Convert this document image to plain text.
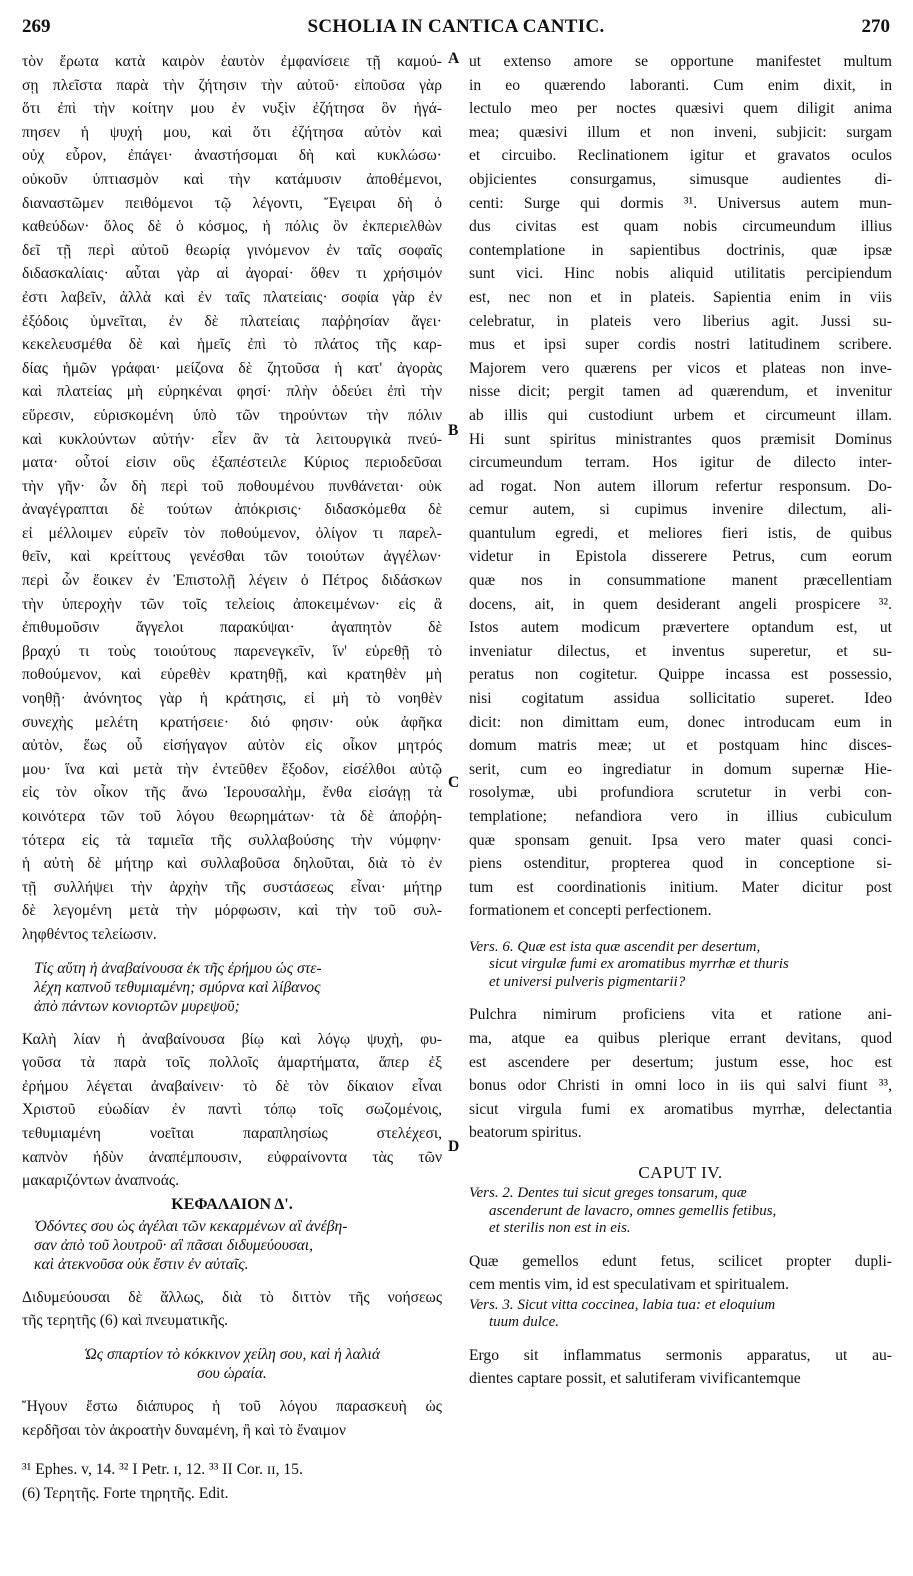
269	SCHOLIA IN CANTICA CANTIC.	270
A
B
C
D
τὸν ἔρωτα κατὰ καιρὸν ἑαυτὸν ἐμφανίσειε τῇ καμού-
σῃ πλεῖστα παρὰ τὴν ζήτησιν τὴν αὐτοῦ· εἰποῦσα γὰρ
ὅτι ἐπὶ τὴν κοίτην μου ἐν νυξὶν ἐζήτησα ὃν ἠγά-
πησεν ἡ ψυχή μου, καὶ ὅτι ἐζήτησα αὐτὸν καὶ
οὐχ εὗρον, ἐπάγει· ἀναστήσομαι δὴ καὶ κυκλώσω·
οὐκοῦν ὑπτιασμὸν καὶ τὴν κατάμυσιν ἀποθέμενοι,
διαναστῶμεν πειθόμενοι τῷ λέγοντι, Ἔγειραι δὴ ὁ
καθεύδων· ὅλος δὲ ὁ κόσμος, ἡ πόλις ὃν ἐκπεριελθὼν
δεῖ τῇ περὶ αὐτοῦ θεωρίᾳ γινόμενον ἐν ταῖς σοφαῖς
διδασκαλίαις· αὗται γὰρ αἱ ἀγοραί· ὅθεν τι χρήσιμόν
ἐστι λαβεῖν, ἀλλὰ καὶ ἐν ταῖς πλατείαις· σοφία γὰρ ἐν
ἐξόδοις ὑμνεῖται, ἐν δὲ πλατείαις παῤῥησίαν ἄγει·
κεκελευσμέθα δὲ καὶ ἡμεῖς ἐπὶ τὸ πλάτος τῆς καρ-
δίας ἡμῶν γράφαι· μείζονα δὲ ζητοῦσα ἡ κατ' ἀγορὰς
καὶ πλατείας μὴ εὑρηκέναι φησί· πλὴν ὁδεύει ἐπὶ τὴν
εὕρεσιν, εὑρισκομένη ὑπὸ τῶν τηρούντων τὴν πόλιν
καὶ κυκλούντων αὐτήν· εἶεν ἂν τὰ λειτουργικὰ πνεύ-
ματα· οὗτοί εἰσιν οὓς ἐξαπέστειλε Κύριος περιοδεῦσαι
τὴν γῆν· ὧν δὴ περὶ τοῦ ποθουμένου πυνθάνεται· οὐκ
ἀναγέγραπται δὲ τούτων ἀπόκρισις· διδασκόμεθα δὲ
εἰ μέλλοιμεν εὑρεῖν τὸν ποθούμενον, ὀλίγον τι παρελ-
θεῖν, καὶ κρείττους γενέσθαι τῶν τοιούτων ἀγγέλων·
περὶ ὧν ἔοικεν ἐν Ἐπιστολῇ λέγειν ὁ Πέτρος διδάσκων
τὴν ὑπεροχὴν τῶν τοῖς τελείοις ἀποκειμένων· εἰς ἃ
ἐπιθυμοῦσιν ἄγγελοι παρακύψαι· ἀγαπητὸν δὲ
βραχύ τι τοὺς τοιούτους παρενεγκεῖν, ἵν' εὑρεθῇ τὸ
ποθούμενον, καὶ εὑρεθὲν κρατηθῇ, καὶ κρατηθὲν μὴ
νοηθῇ· ἀνόνητος γὰρ ἡ κράτησις, εἰ μὴ τὸ νοηθὲν
συνεχὴς μελέτη κρατήσειε· διό φησιν· οὐκ ἀφῆκα
αὐτὸν, ἕως οὗ εἰσήγαγον αὐτὸν εἰς οἶκον μητρός
μου· ἵνα καὶ μετὰ τὴν ἐντεῦθεν ἔξοδον, εἰσέλθοι αὐτῷ
εἰς τὸν οἶκον τῆς ἄνω Ἱερουσαλὴμ, ἔνθα εἰσάγῃ τὰ
κοινότερα τῶν τοῦ λόγου θεωρημάτων· τὰ δὲ ἀποῤῥη-
τότερα εἰς τὰ ταμιεῖα τῆς συλλαβούσης τὴν νύμφην·
ἡ αὐτὴ δὲ μήτηρ καὶ συλλαβοῦσα δηλοῦται, διὰ τὸ ἐν
τῇ συλλήψει τὴν ἀρχὴν τῆς συστάσεως εἶναι· μήτηρ
δὲ λεγομένη μετὰ τὴν μόρφωσιν, καὶ τὴν τοῦ συλ-
ληφθέντος τελείωσιν.
Τίς αὕτη ἡ ἀναβαίνουσα ἐκ τῆς ἐρήμου ὡς στε-
λέχη καπνοῦ τεθυμιαμένη; σμύρνα καὶ λίβανος
ἀπὸ πάντων κονιορτῶν μυρεψοῦ;
Καλὴ λίαν ἡ ἀναβαίνουσα βίῳ καὶ λόγῳ ψυχὴ, φυ-
γοῦσα τὰ παρὰ τοῖς πολλοῖς ἁμαρτήματα, ἅπερ ἐξ
ἐρήμου λέγεται ἀναβαίνειν· τὸ δὲ τὸν δίκαιον εἶναι
Χριστοῦ εὐωδίαν ἐν παντὶ τόπῳ τοῖς σωζομένοις,
τεθυμιαμένη νοεῖται παραπλησίως στελέχεσι,
καπνὸν ἡδὺν ἀναπέμπουσιν, εὐφραίνοντα τὰς τῶν
μακαριζόντων ἀναπνοάς.
ΚΕΦΑΛΑΙΟΝ Δ'.
Ὀδόντες σου ὡς ἀγέλαι τῶν κεκαρμένων αἳ ἀνέβη-
σαν ἀπὸ τοῦ λουτροῦ· αἳ πᾶσαι διδυμεύουσαι,
καὶ ἀτεκνοῦσα οὐκ ἔστιν ἐν αὐταῖς.
Διδυμεύουσαι δὲ ἄλλως, διὰ τὸ διττὸν τῆς νοήσεως
τῆς τερητῆς (6) καὶ πνευματικῆς.
Ὡς σπαρτίον τὸ κόκκινον χείλη σου, καὶ ἡ λαλιά
σου ὡραία.
Ἤγουν ἔστω διάπυρος ἡ τοῦ λόγου παρασκευὴ ὡς
κερδῆσαι τὸν ἀκροατὴν δυναμένη, ἢ καὶ τὸ ἔναιμον
³¹ Ephes. v, 14. ³² I Petr. ɪ, 12. ³³ II Cor. ɪɪ, 15.
(6) Τερητῆς. Forte τηρητῆς. Edit.
ut extenso amore se opportune manifestet multum
in eo quærendo laboranti. Cum enim dixit, in
lectulo meo per noctes quæsivi quem diligit anima
mea; quæsivi illum et non inveni, subjicit: surgam
et circuibo. Reclinationem igitur et gravatos oculos
objicientes consurgamus, simusque audientes di-
centi: Surge qui dormis ³¹. Universus autem mun-
dus civitas est quam nobis circumeundum illius
contemplatione in sapientibus doctrinis, quæ ipsæ
sunt vici. Hinc nobis aliquid utilitatis percipiendum
est, nec non et in plateis. Sapientia enim in viis
celebratur, in plateis vero liberius agit. Jussi su-
mus et ipsi super cordis nostri latitudinem scribere.
Majorem vero quærens per vicos et plateas non inve-
nisse dicit; pergit tamen ad quærendum, et invenitur
ab illis qui custodiunt urbem et circumeunt illam.
Hi sunt spiritus ministrantes quos præmisit Dominus
circumeundum terram. Hos igitur de dilecto inter-
ad rogat. Non autem illorum refertur responsum. Do-
cemur autem, si cupimus invenire dilectum, ali-
quantulum egredi, et meliores fieri istis, de quibus
videtur in Epistola disserere Petrus, cum eorum
quæ nos in consummatione manent præcellentiam
docens, ait, in quem desiderant angeli prospicere ³².
Istos autem modicum prævertere optandum est, ut
inveniatur dilectus, et inventus superetur, et su-
peratus non cogitetur. Quippe incassa est possessio,
nisi cogitatum assidua sollicitatio superet. Ideo
dicit: non dimittam eum, donec introducam eum in
domum matris meæ; ut et postquam hinc disces-
serit, cum eo ingrediatur in domum supernæ Hie-
rosolymæ, ubi profundiora scrutetur in verbi con-
templatione; nefandiora vero in illius cubiculum
quæ sponsam genuit. Ipsa vero mater quasi conci-
piens ostenditur, propterea quod in conceptione si-
tum est coordinationis initium. Mater dicitur post
formationem et concepti perfectionem.
Vers. 6. Quæ est ista quæ ascendit per desertum,
sicut virgulæ fumi ex aromatibus myrrhæ et thuris
et universi pulveris pigmentarii?
Pulchra nimirum proficiens vita et ratione ani-
ma, atque ea quibus plerique errant devitans, quod
est ascendere per desertum; justum esse, hoc est
bonus odor Christi in omni loco in iis qui salvi fiunt ³³,
sicut virgula fumi ex aromatibus myrrhæ, delectantia
beatorum spiritus.
CAPUT IV.
Vers. 2. Dentes tui sicut greges tonsarum, quæ
ascenderunt de lavacro, omnes gemellis fetibus,
et sterilis non est in eis.
Quæ gemellos edunt fetus, scilicet propter dupli-
cem mentis vim, id est speculativam et spiritualem.
Vers. 3. Sicut vitta coccinea, labia tua: et eloquium
tuum dulce.
Ergo sit inflammatus sermonis apparatus, ut au-
dientes captare possit, et salutiferam vivificantemque
